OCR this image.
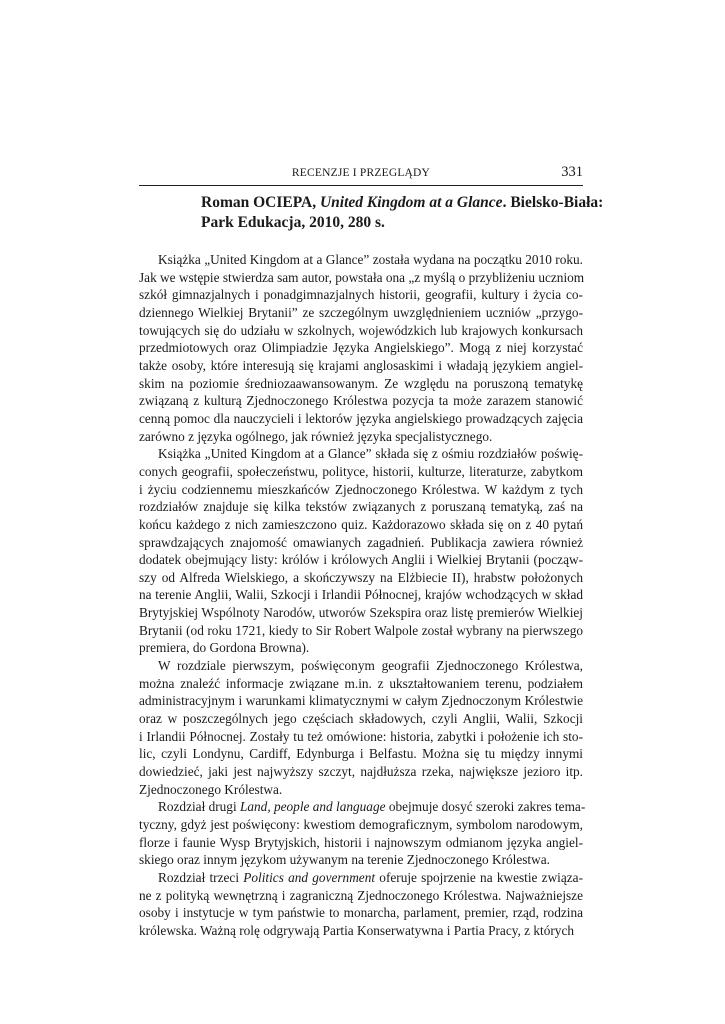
RECENZJE I PRZEGLĄDY	331
Roman OCIEPA, United Kingdom at a Glance. Bielsko-Biała:
Park Edukacja, 2010, 280 s.
Książka „United Kingdom at a Glance” została wydana na początku 2010 roku.
Jak we wstępie stwierdza sam autor, powstała ona „z myślą o przybliżeniu uczniom
szkół gimnazjalnych i ponadgimnazjalnych historii, geografii, kultury i życia co-
dziennego Wielkiej Brytanii” ze szczególnym uwzględnieniem uczniów „przygo-
towujących się do udziału w szkolnych, wojewódzkich lub krajowych konkursach
przedmiotowych oraz Olimpiadzie Języka Angielskiego”. Mogą z niej korzystać
także osoby, które interesują się krajami anglosaskimi i władają językiem angiel-
skim na poziomie średniozaawansowanym. Ze względu na poruszoną tematykę
związaną z kulturą Zjednoczonego Królestwa pozycja ta może zarazem stanowić
cenną pomoc dla nauczycieli i lektorów języka angielskiego prowadzących zajęcia
zarówno z języka ogólnego, jak również języka specjalistycznego.
Książka „United Kingdom at a Glance” składa się z ośmiu rozdziałów poświę-
conych geografii, społeczeństwu, polityce, historii, kulturze, literaturze, zabytkom
i życiu codziennemu mieszkańców Zjednoczonego Królestwa. W każdym z tych
rozdziałów znajduje się kilka tekstów związanych z poruszaną tematyką, zaś na
końcu każdego z nich zamieszczono quiz. Każdorazowo składa się on z 40 pytań
sprawdzających znajomość omawianych zagadnień. Publikacja zawiera również
dodatek obejmujący listy: królów i królowych Anglii i Wielkiej Brytanii (począw-
szy od Alfreda Wielskiego, a skończywszy na Elżbiecie II), hrabstw położonych
na terenie Anglii, Walii, Szkocji i Irlandii Północnej, krajów wchodzących w skład
Brytyjskiej Wspólnoty Narodów, utworów Szekspira oraz listę premierów Wielkiej
Brytanii (od roku 1721, kiedy to Sir Robert Walpole został wybrany na pierwszego
premiera, do Gordona Browna).
W rozdziale pierwszym, poświęconym geografii Zjednoczonego Królestwa,
można znaleźć informacje związane m.in. z ukształtowaniem terenu, podziałem
administracyjnym i warunkami klimatycznymi w całym Zjednoczonym Królestwie
oraz w poszczególnych jego częściach składowych, czyli Anglii, Walii, Szkocji
i Irlandii Północnej. Zostały tu też omówione: historia, zabytki i położenie ich sto-
lic, czyli Londynu, Cardiff, Edynburga i Belfastu. Można się tu między innymi
dowiedzieć, jaki jest najwyższy szczyt, najdłuższa rzeka, największe jezioro itp.
Zjednoczonego Królestwa.
Rozdział drugi Land, people and language obejmuje dosyć szeroki zakres tema-
tyczny, gdyż jest poświęcony: kwestiom demograficznym, symbolom narodowym,
florze i faunie Wysp Brytyjskich, historii i najnowszym odmianom języka angiel-
skiego oraz innym językom używanym na terenie Zjednoczonego Królestwa.
Rozdział trzeci Politics and government oferuje spojrzenie na kwestie związa-
ne z polityką wewnętrzną i zagraniczną Zjednoczonego Królestwa. Najważniejsze
osoby i instytucje w tym państwie to monarcha, parlament, premier, rząd, rodzina
królewska. Ważną rolę odgrywają Partia Konserwatywna i Partia Pracy, z których
